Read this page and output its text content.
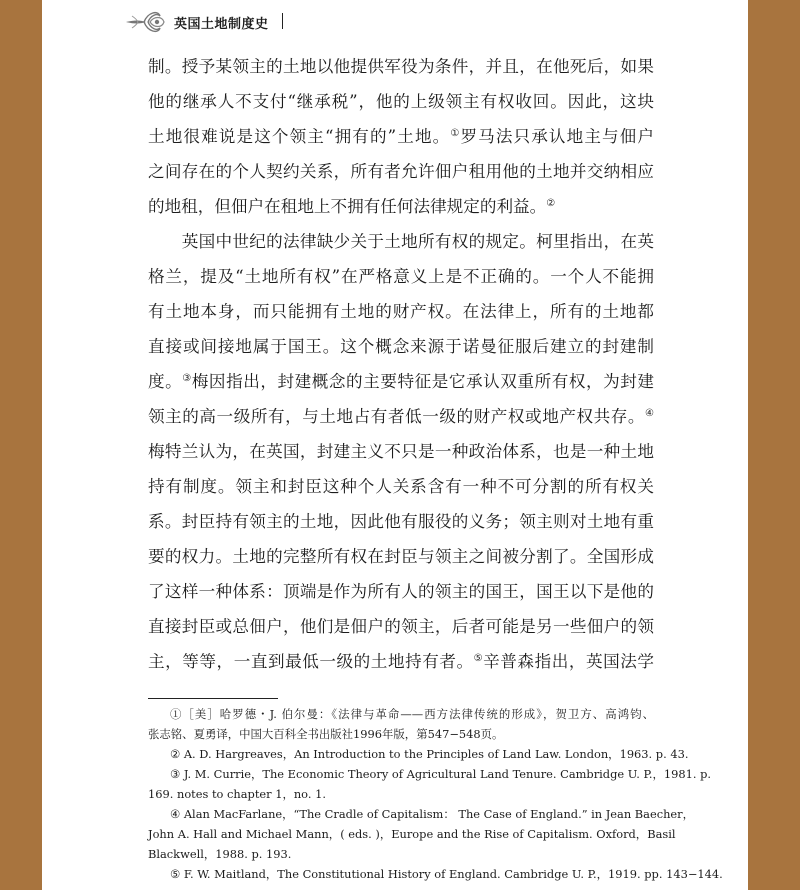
英国土地制度史
制。授予某领主的土地以他提供军役为条件，并且，在他死后，如果
他的继承人不支付“继承税”，他的上级领主有权收回。因此，这块
土地很难说是这个领主“拥有的”土地。①罗马法只承认地主与佃户
之间存在的个人契约关系，所有者允许佃户租用他的土地并交纳相应
的地租，但佃户在租地上不拥有任何法律规定的利益。②
　　英国中世纪的法律缺少关于土地所有权的规定。柯里指出，在英
格兰，提及“土地所有权”在严格意义上是不正确的。一个人不能拥
有土地本身，而只能拥有土地的财产权。在法律上，所有的土地都
直接或间接地属于国王。这个概念来源于诺曼征服后建立的封建制
度。③梅因指出，封建概念的主要特征是它承认双重所有权，为封建
领主的高一级所有，与土地占有者低一级的财产权或地产权共存。④
梅特兰认为，在英国，封建主义不只是一种政治体系，也是一种土地
持有制度。领主和封臣这种个人关系含有一种不可分割的所有权关
系。封臣持有领主的土地，因此他有服役的义务；领主则对土地有重
要的权力。土地的完整所有权在封臣与领主之间被分割了。全国形成
了这样一种体系：顶端是作为所有人的领主的国王，国王以下是他的
直接封臣或总佃户，他们是佃户的领主，后者可能是另一些佃户的领
主，等等，一直到最低一级的土地持有者。⑤辛普森指出，英国法学
①［美］哈罗德・J. 伯尔曼：《法律与革命——西方法律传统的形成》，贺卫方、高鸿钧、
张志铭、夏勇译，中国大百科全书出版社1996年版，第547−548页。
② A. D. Hargreaves，An Introduction to the Principles of Land Law. London，1963. p. 43.
③ J. M. Currie，The Economic Theory of Agricultural Land Tenure. Cambridge U. P.，1981. p.
169. notes to chapter 1，no. 1.
④ Alan MacFarlane，“The Cradle of Capitalism： The Case of England.” in Jean Baecher，
John A. Hall and Michael Mann，( eds. )，Europe and the Rise of Capitalism. Oxford，Basil
Blackwell，1988. p. 193.
⑤ F. W. Maitland，The Constitutional History of England. Cambridge U. P.，1919. pp. 143−144.
